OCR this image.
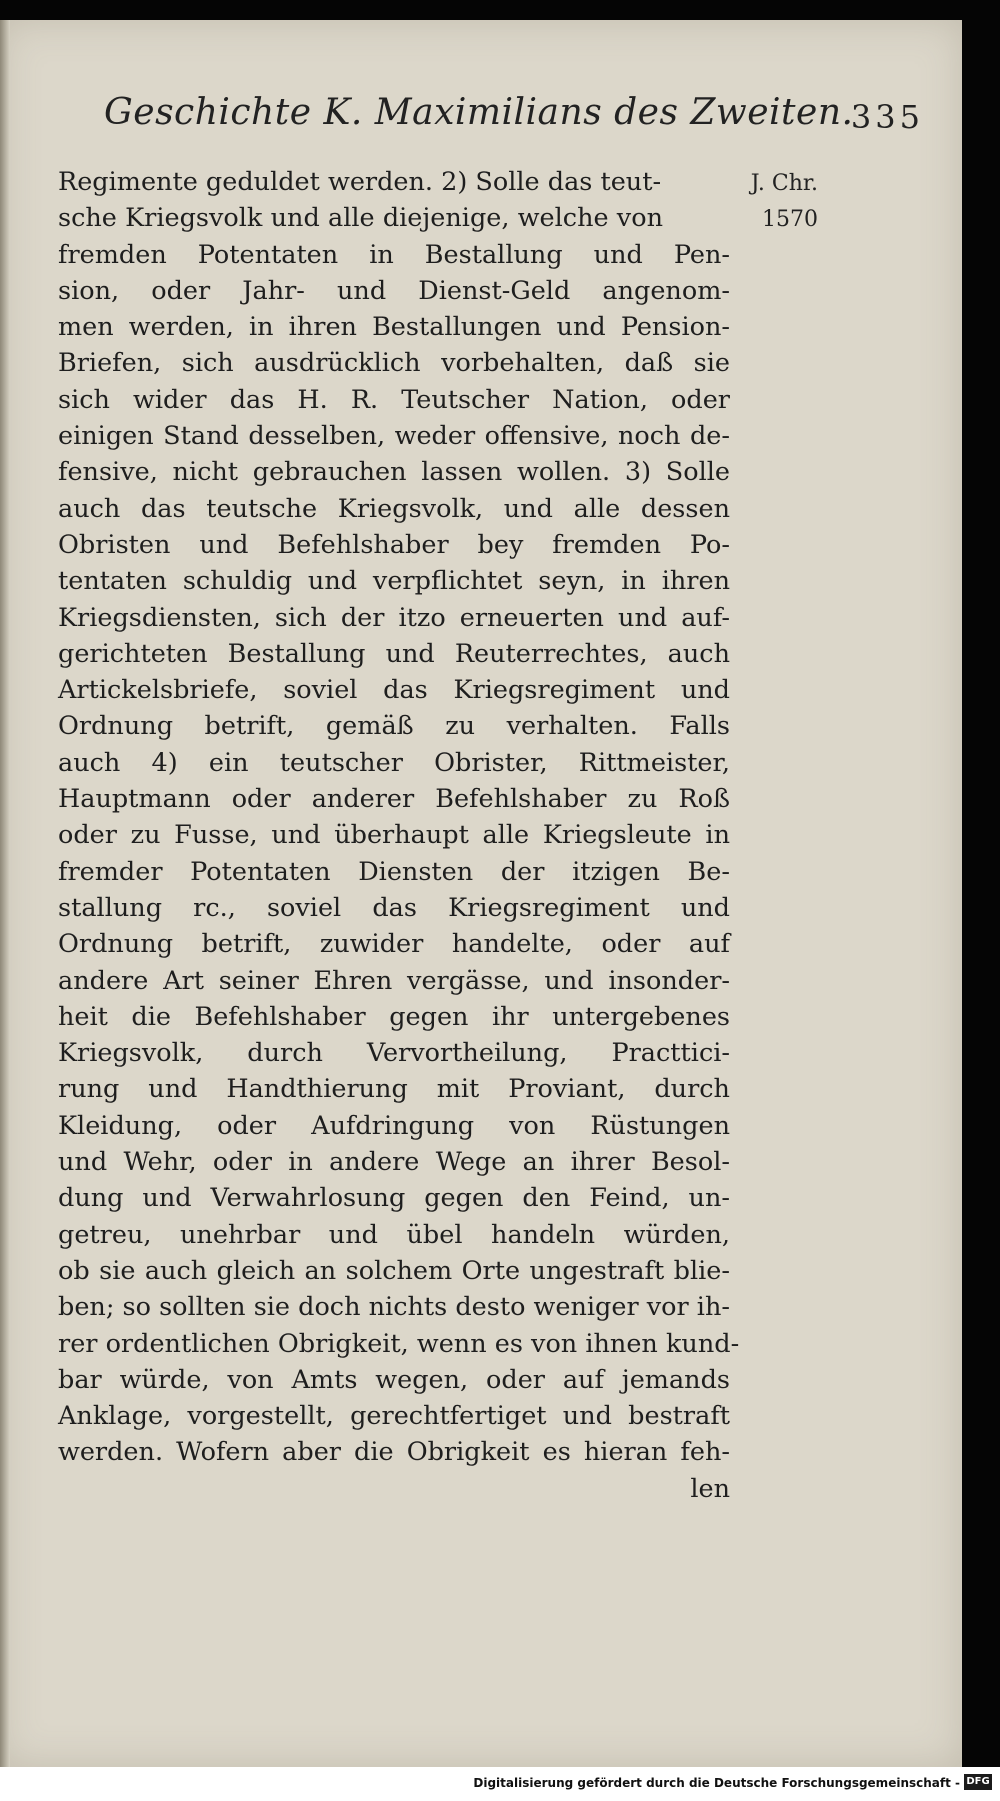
Geschichte K. Maximilians des Zweiten.
335
J. Chr.
1570
Regimente geduldet werden. 2) Solle das teut-
sche Kriegsvolk und alle diejenige, welche von
fremden Potentaten in Bestallung und Pen-
sion, oder Jahr- und Dienst-Geld angenom-
men werden, in ihren Bestallungen und Pension-
Briefen, sich ausdrücklich vorbehalten, daß sie
sich wider das H. R. Teutscher Nation, oder
einigen Stand desselben, weder offensive, noch de-
fensive, nicht gebrauchen lassen wollen. 3) Solle
auch das teutsche Kriegsvolk, und alle dessen
Obristen und Befehlshaber bey fremden Po-
tentaten schuldig und verpflichtet seyn, in ihren
Kriegsdiensten, sich der itzo erneuerten und auf-
gerichteten Bestallung und Reuterrechtes, auch
Artickelsbriefe, soviel das Kriegsregiment und
Ordnung betrift, gemäß zu verhalten. Falls
auch 4) ein teutscher Obrister, Rittmeister,
Hauptmann oder anderer Befehlshaber zu Roß
oder zu Fusse, und überhaupt alle Kriegsleute in
fremder Potentaten Diensten der itzigen Be-
stallung rc., soviel das Kriegsregiment und
Ordnung betrift, zuwider handelte, oder auf
andere Art seiner Ehren vergässe, und insonder-
heit die Befehlshaber gegen ihr untergebenes
Kriegsvolk, durch Vervortheilung, Practtici-
rung und Handthierung mit Proviant, durch
Kleidung, oder Aufdringung von Rüstungen
und Wehr, oder in andere Wege an ihrer Besol-
dung und Verwahrlosung gegen den Feind, un-
getreu, unehrbar und übel handeln würden,
ob sie auch gleich an solchem Orte ungestraft blie-
ben; so sollten sie doch nichts desto weniger vor ih-
rer ordentlichen Obrigkeit, wenn es von ihnen kund-
bar würde, von Amts wegen, oder auf jemands
Anklage, vorgestellt, gerechtfertiget und bestraft
werden. Wofern aber die Obrigkeit es hieran feh-
len
Digitalisierung gefördert durch die Deutsche Forschungsgemeinschaft - DFG
